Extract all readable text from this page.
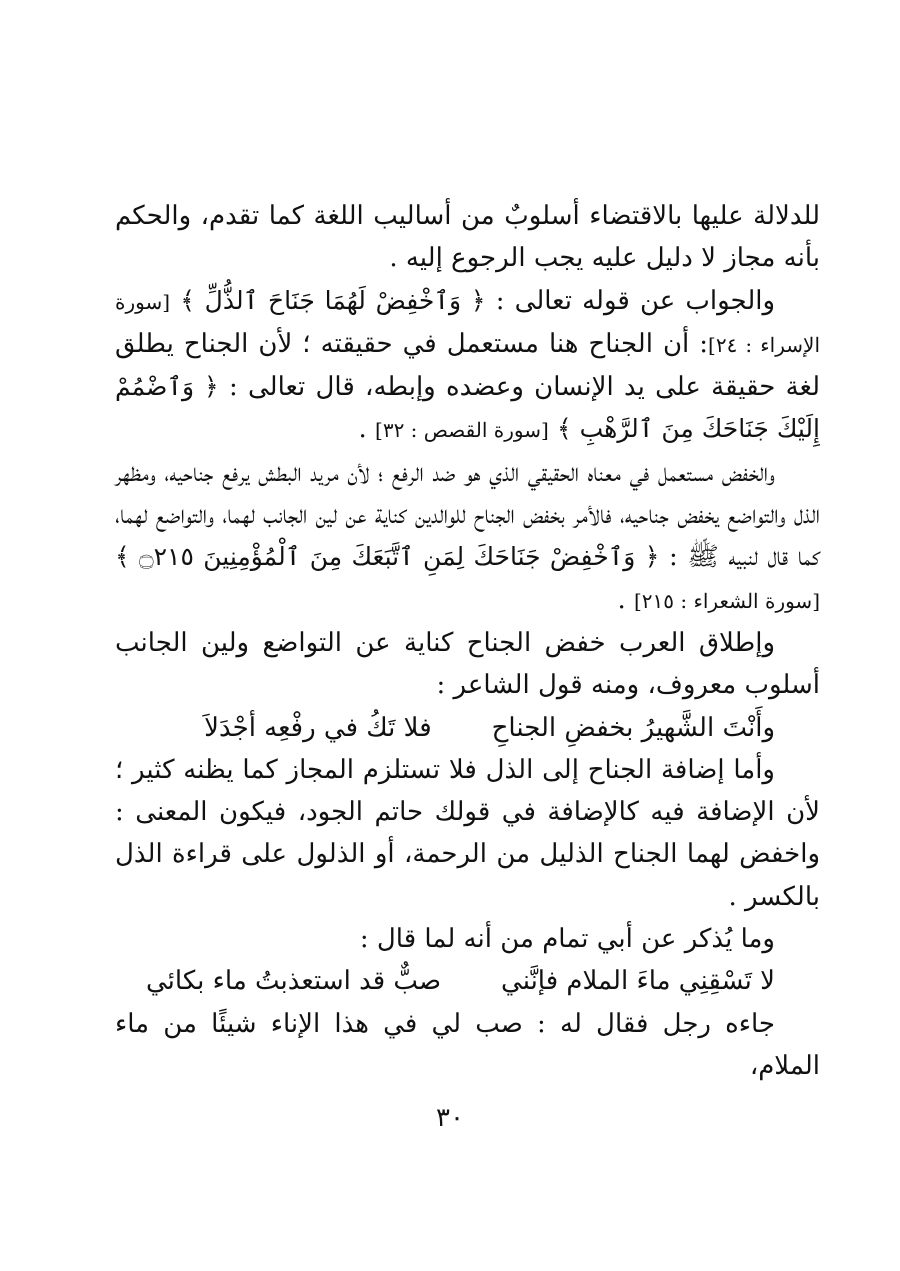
للدلالة عليها بالاقتضاء أسلوبٌ من أساليب اللغة كما تقدم، والحكم بأنه مجاز لا دليل عليه يجب الرجوع إليه .

والجواب عن قوله تعالى : ﴿ وَٱخْفِضْ لَهُمَا جَنَاحَ ٱلذُّلِّ ﴾ [سورة الإسراء : ٢٤]: أن الجناح هنا مستعمل في حقيقته ؛ لأن الجناح يطلق لغة حقيقة على يد الإنسان وعضده وإبطه، قال تعالى : ﴿ وَٱضْمُمْ إِلَيْكَ جَنَاحَكَ مِنَ ٱلرَّهْبِ ﴾ [سورة القصص : ٣٢] .

والخفض مستعمل في معناه الحقيقي الذي هو ضد الرفع ؛ لأن مريد البطش يرفع جناحيه، ومظهر الذل والتواضع يخفض جناحيه، فالأمر بخفض الجناح للوالدين كناية عن لين الجانب لهما، والتواضع لهما، كما قال لنبيه ﷺ : ﴿ وَٱخْفِضْ جَنَاحَكَ لِمَنِ ٱتَّبَعَكَ مِنَ ٱلْمُؤْمِنِينَ ۝٢١٥ ﴾ [سورة الشعراء : ٢١٥] .

وإطلاق العرب خفض الجناح كناية عن التواضع ولين الجانب أسلوب معروف، ومنه قول الشاعر :

وأَنْتَ الشَّهيرُ بخفضِ الجناحِ
فلا تَكُ في رفْعِه أجْدَلاَ

وأما إضافة الجناح إلى الذل فلا تستلزم المجاز كما يظنه كثير ؛ لأن الإضافة فيه كالإضافة في قولك حاتم الجود، فيكون المعنى : واخفض لهما الجناح الذليل من الرحمة، أو الذلول على قراءة الذل بالكسر .

وما يُذكر عن أبي تمام من أنه لما قال :

لا تَسْقِنِي ماءَ الملام فإنَّني
صبٌّ قد استعذبتُ ماء بكائي

جاءه رجل فقال له : صب لي في هذا الإناء شيئًا من ماء الملام،

٣٠
